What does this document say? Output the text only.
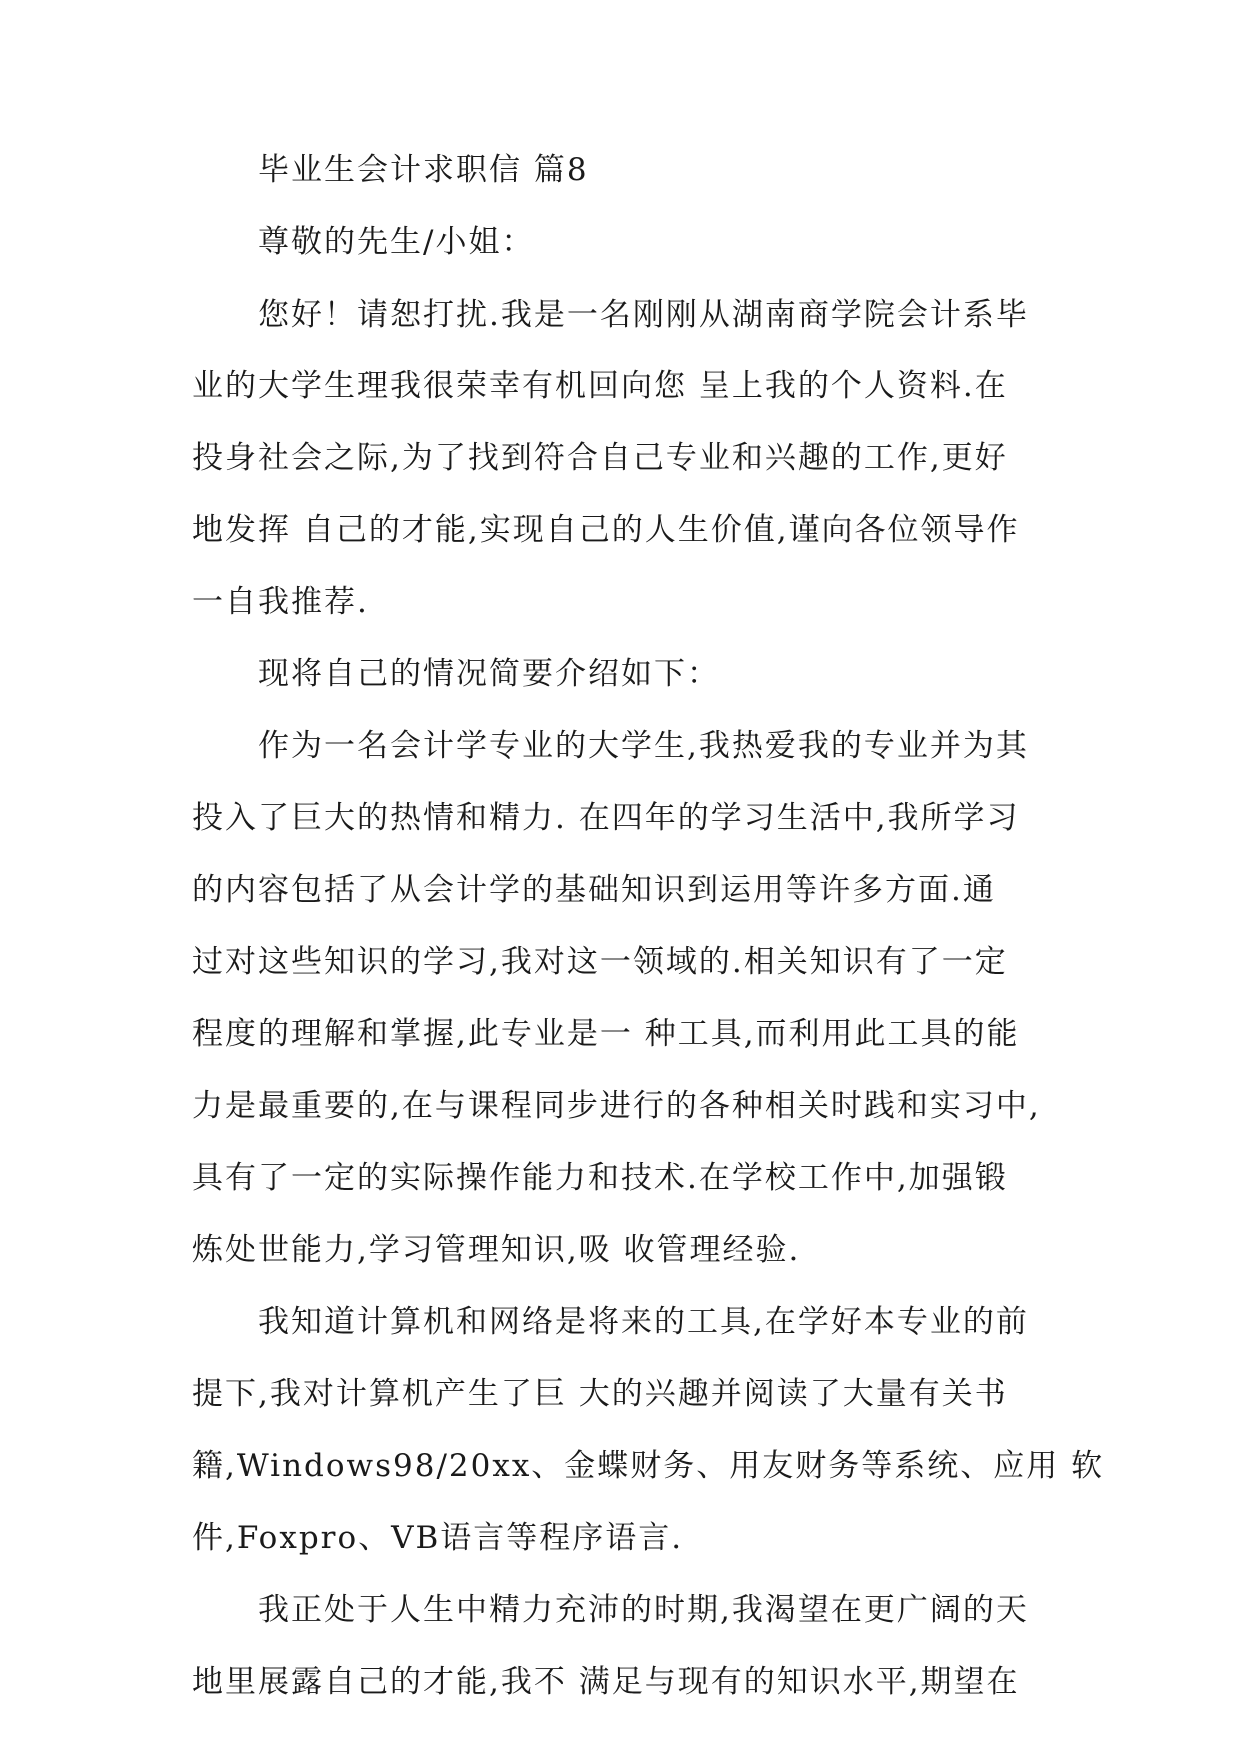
毕业生会计求职信 篇8

尊敬的先生/小姐：

您好！请恕打扰.我是一名刚刚从湖南商学院会计系毕

业的大学生理我很荣幸有机回向您 呈上我的个人资料.在

投身社会之际,为了找到符合自己专业和兴趣的工作,更好

地发挥 自己的才能,实现自己的人生价值,谨向各位领导作

一自我推荐.

现将自己的情况简要介绍如下：

作为一名会计学专业的大学生,我热爱我的专业并为其

投入了巨大的热情和精力. 在四年的学习生活中,我所学习

的内容包括了从会计学的基础知识到运用等许多方面.通

过对这些知识的学习,我对这一领域的.相关知识有了一定

程度的理解和掌握,此专业是一 种工具,而利用此工具的能

力是最重要的,在与课程同步进行的各种相关时践和实习中,

具有了一定的实际操作能力和技术.在学校工作中,加强锻

炼处世能力,学习管理知识,吸 收管理经验.

我知道计算机和网络是将来的工具,在学好本专业的前

提下,我对计算机产生了巨 大的兴趣并阅读了大量有关书

籍,Windows98/20xx、金蝶财务、用友财务等系统、应用 软

件,Foxpro、VB语言等程序语言.

我正处于人生中精力充沛的时期,我渴望在更广阔的天

地里展露自己的才能,我不 满足与现有的知识水平,期望在
